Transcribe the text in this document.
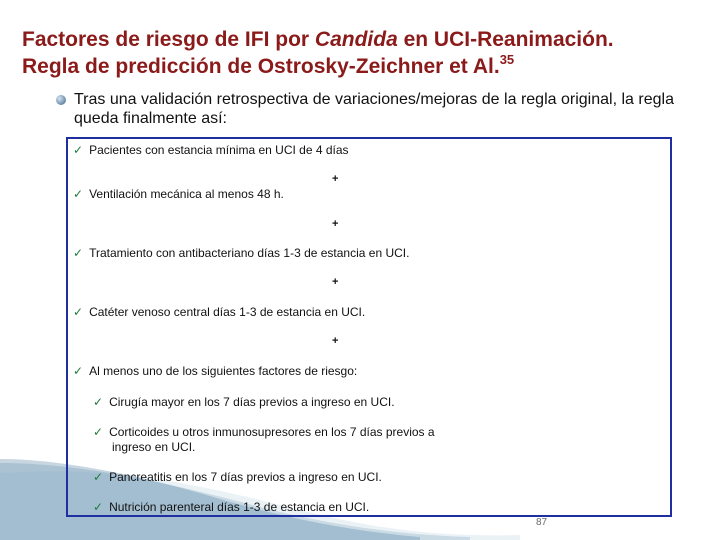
Factores de riesgo de IFI por Candida en UCI-Reanimación.
Regla de predicción de Ostrosky-Zeichner et Al.$^{35}$
Tras una validación retrospectiva de variaciones/mejoras de la regla original, la regla queda finalmente así:
✓ Pacientes con estancia mínima en UCI de 4 días
+
✓ Ventilación mecánica al menos 48 h.
+
✓ Tratamiento con antibacteriano días 1-3 de estancia en UCI.
+
✓ Catéter venoso central días 1-3 de estancia en UCI.
+
✓ Al menos uno de los siguientes factores de riesgo:
✓ Cirugía mayor en los 7 días previos a ingreso en UCI.
✓ Corticoides u otros inmunosupresores en los 7 días previos a
ingreso en UCI.
✓ Pancreatitis en los 7 días previos a ingreso en UCI.
✓ Nutrición parenteral días 1-3 de estancia en UCI.
87
